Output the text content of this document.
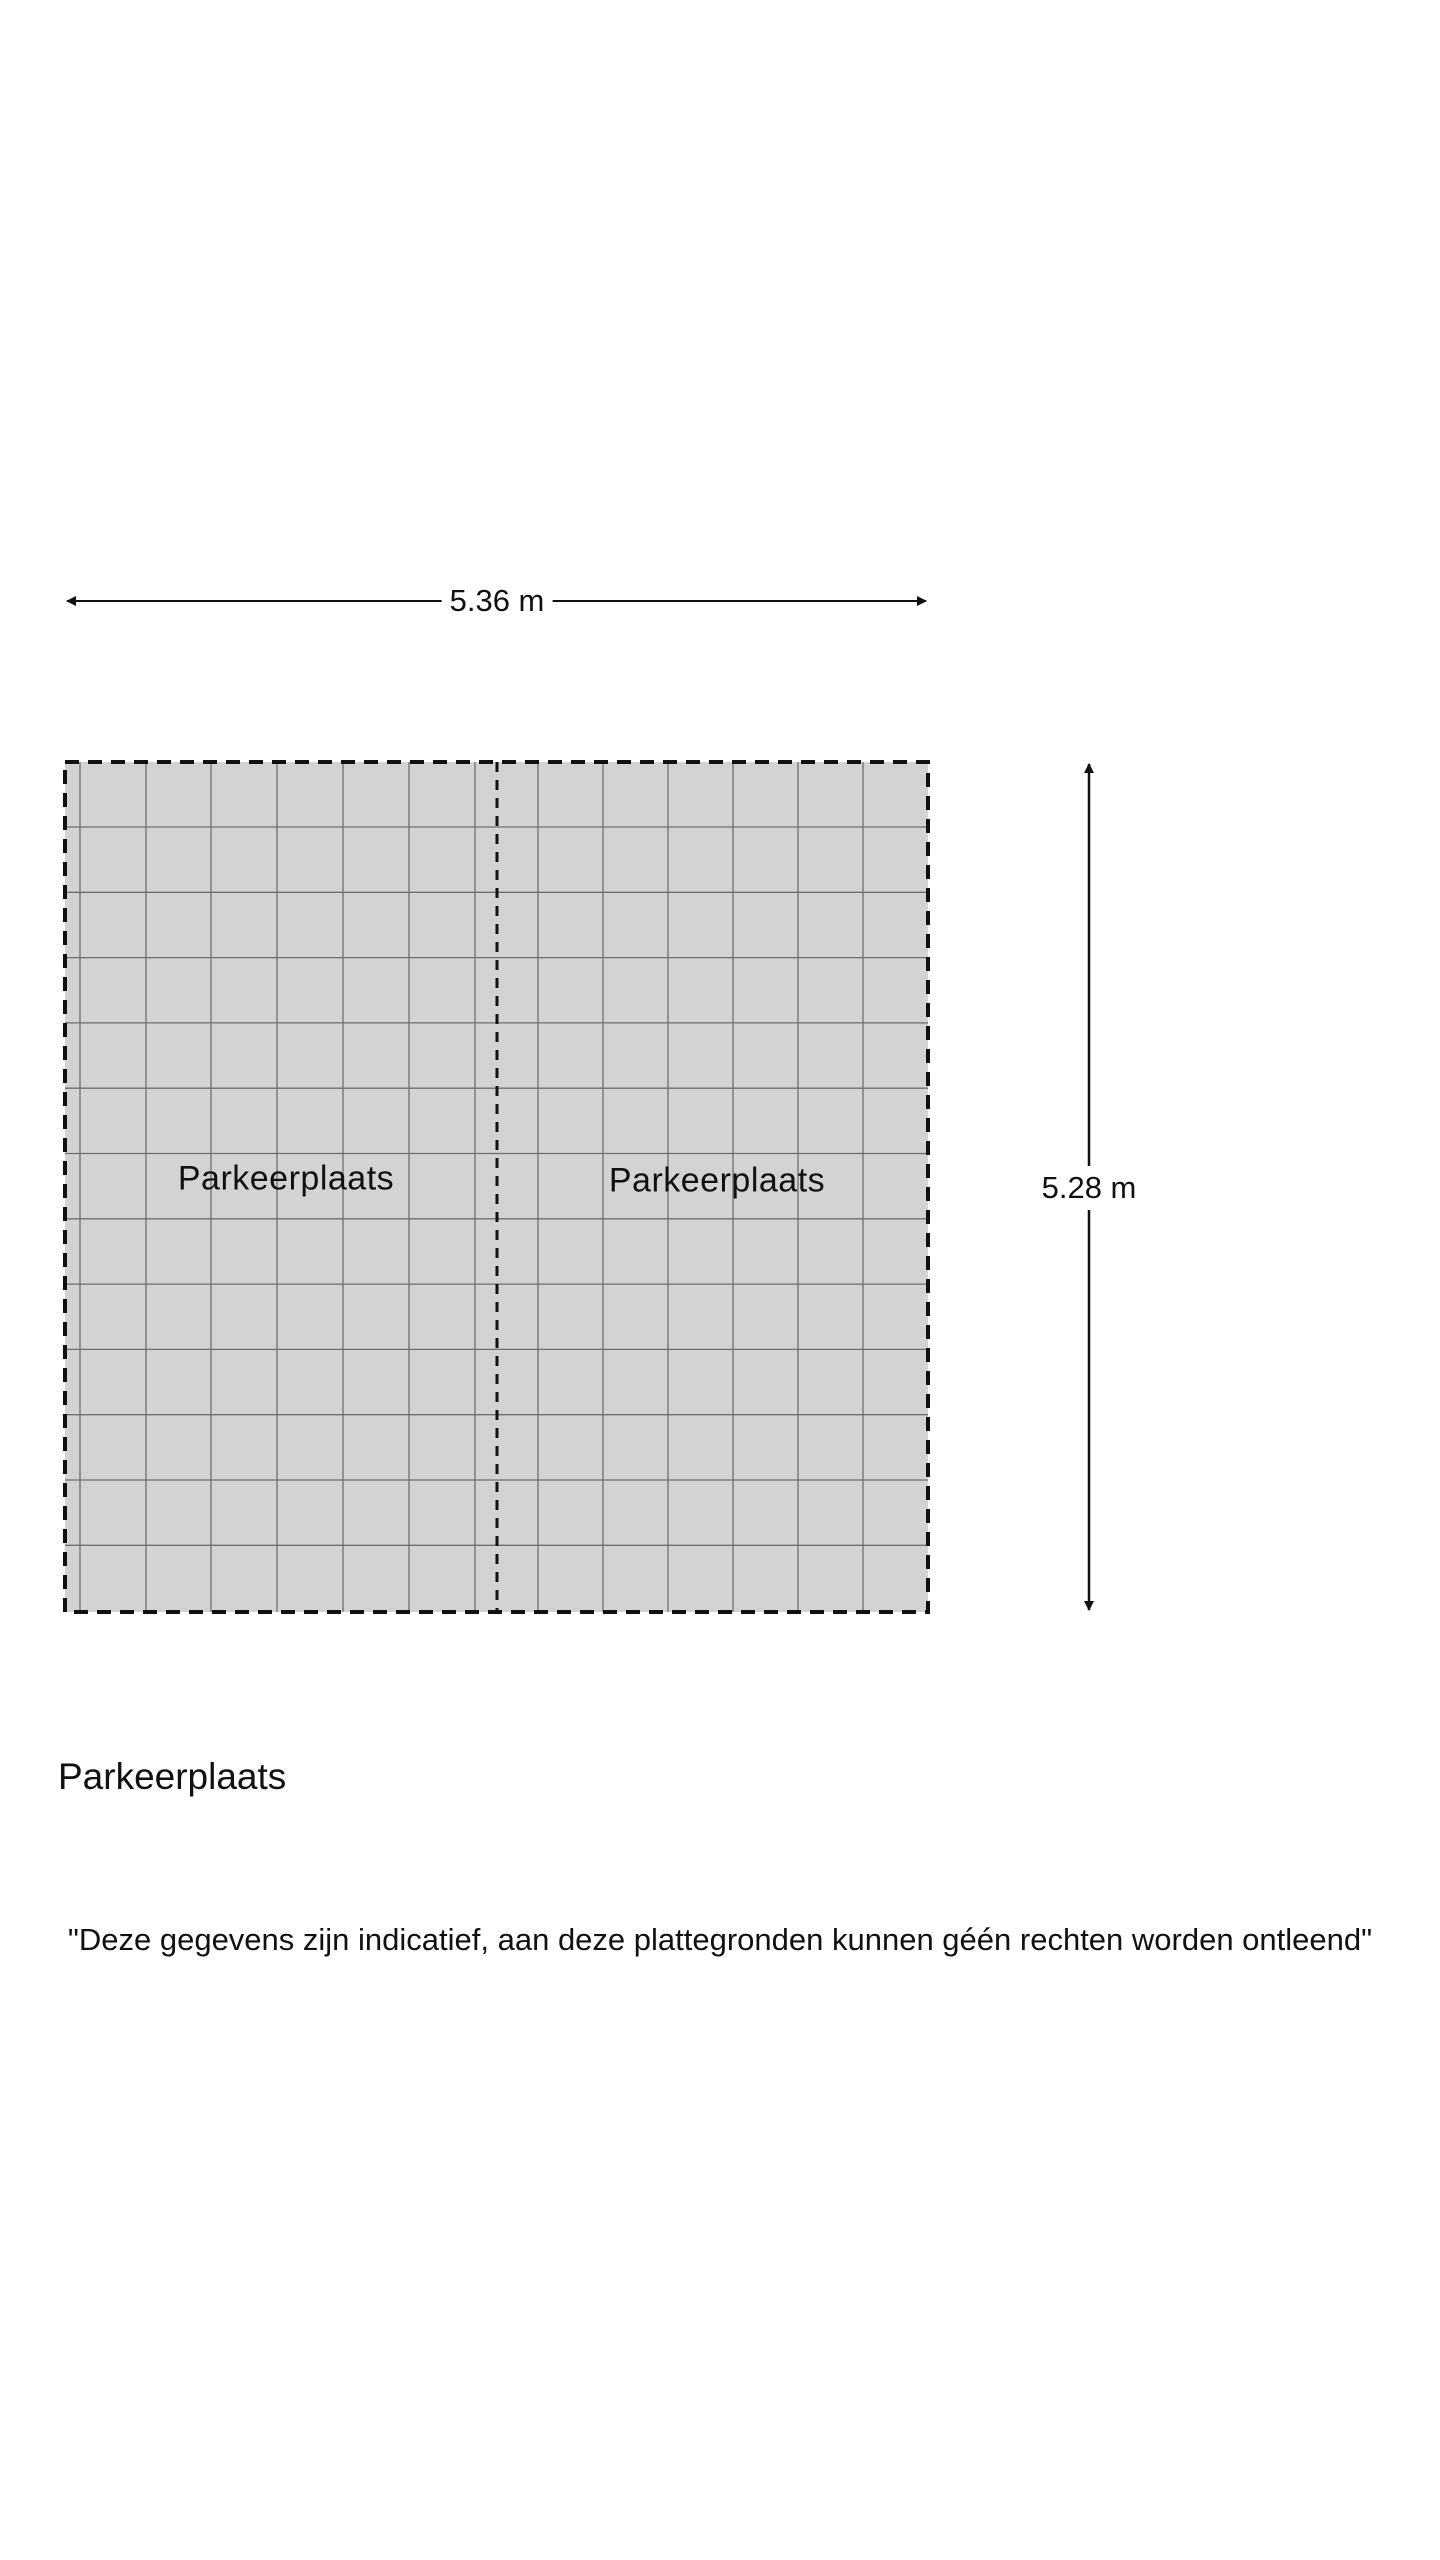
5.36 m
5.28 m
Parkeerplaats	Parkeerplaats
Parkeerplaats
"Deze gegevens zijn indicatief, aan deze plattegronden kunnen géén rechten worden ontleend"
